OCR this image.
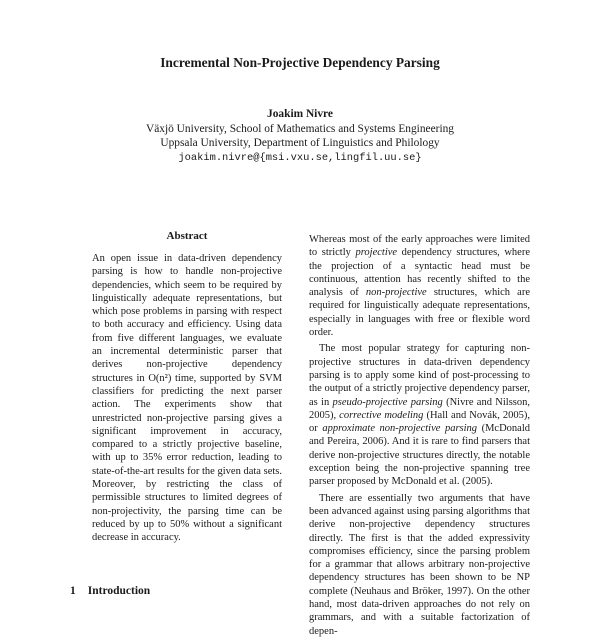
Incremental Non-Projective Dependency Parsing
Joakim Nivre
Växjö University, School of Mathematics and Systems Engineering
Uppsala University, Department of Linguistics and Philology
joakim.nivre@{msi.vxu.se,lingfil.uu.se}
Abstract

An open issue in data-driven dependency parsing is how to handle non-projective dependencies, which seem to be required by linguistically adequate representations, but which pose problems in parsing with respect to both accuracy and efficiency. Using data from five different languages, we evaluate an incremental deterministic parser that derives non-projective dependency structures in O(n²) time, supported by SVM classifiers for predicting the next parser action. The experiments show that unrestricted non-projective parsing gives a significant improvement in accuracy, compared to a strictly projective baseline, with up to 35% error reduction, leading to state-of-the-art results for the given data sets. Moreover, by restricting the class of permissible structures to limited degrees of non-projectivity, the parsing time can be reduced by up to 50% without a significant decrease in accuracy.

Whereas most of the early approaches were limited to strictly projective dependency structures, where the projection of a syntactic head must be continuous, attention has recently shifted to the analysis of non-projective structures, which are required for linguistically adequate representations, especially in languages with free or flexible word order.

The most popular strategy for capturing non-projective structures in data-driven dependency parsing is to apply some kind of post-processing to the output of a strictly projective dependency parser, as in pseudo-projective parsing (Nivre and Nilsson, 2005), corrective modeling (Hall and Novák, 2005), or approximate non-projective parsing (McDonald and Pereira, 2006). And it is rare to find parsers that derive non-projective structures directly, the notable exception being the non-projective spanning tree parser proposed by McDonald et al. (2005).

There are essentially two arguments that have been advanced against using parsing algorithms that derive non-projective dependency structures directly. The first is that the added expressivity compromises efficiency, since the parsing problem for a grammar that allows arbitrary non-projective dependency structures has been shown to be NP complete (Neuhaus and Bröker, 1997). On the other hand, most data-driven approaches do not rely on grammars, and with a suitable factorization of depen-

1 Introduction
